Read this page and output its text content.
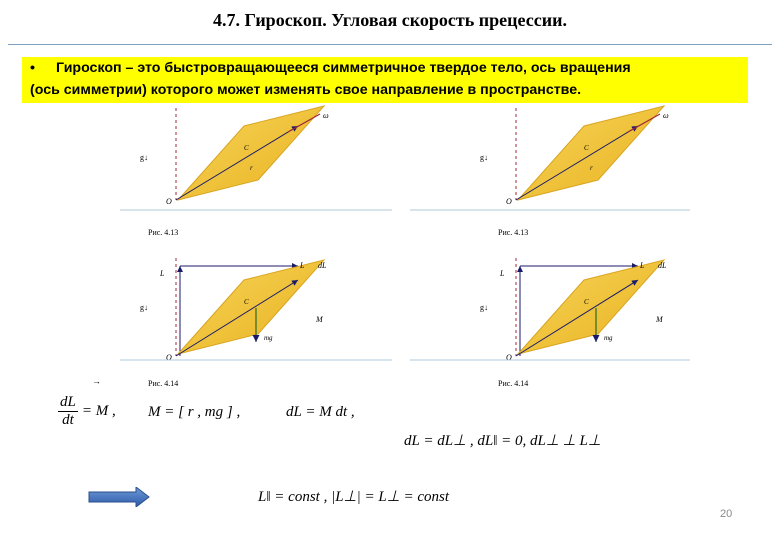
4.7. Гироскоп. Угловая скорость прецессии.
• Гироскоп – это быстровращающееся симметричное твердое тело, ось вращения
(ось симметрии) которого может изменять свое направление в пространстве.
ω
g↓
O
C
r
Рис. 4.13
ω
g↓
O
C
r
Рис. 4.13
L
L dL
g↓
M
mg
O
C
Рис. 4.14
L
L dL
g↓
M
mg
O
C
Рис. 4.14
$\frac{dL}{dt} = M$ ,
→
M = [ r , mg ] ,	dL = M dt ,
dL = dL⊥ , dL‖ = 0, dL⊥ ⊥ L⊥
L‖ = const , |L⊥| = L⊥ = const
20
